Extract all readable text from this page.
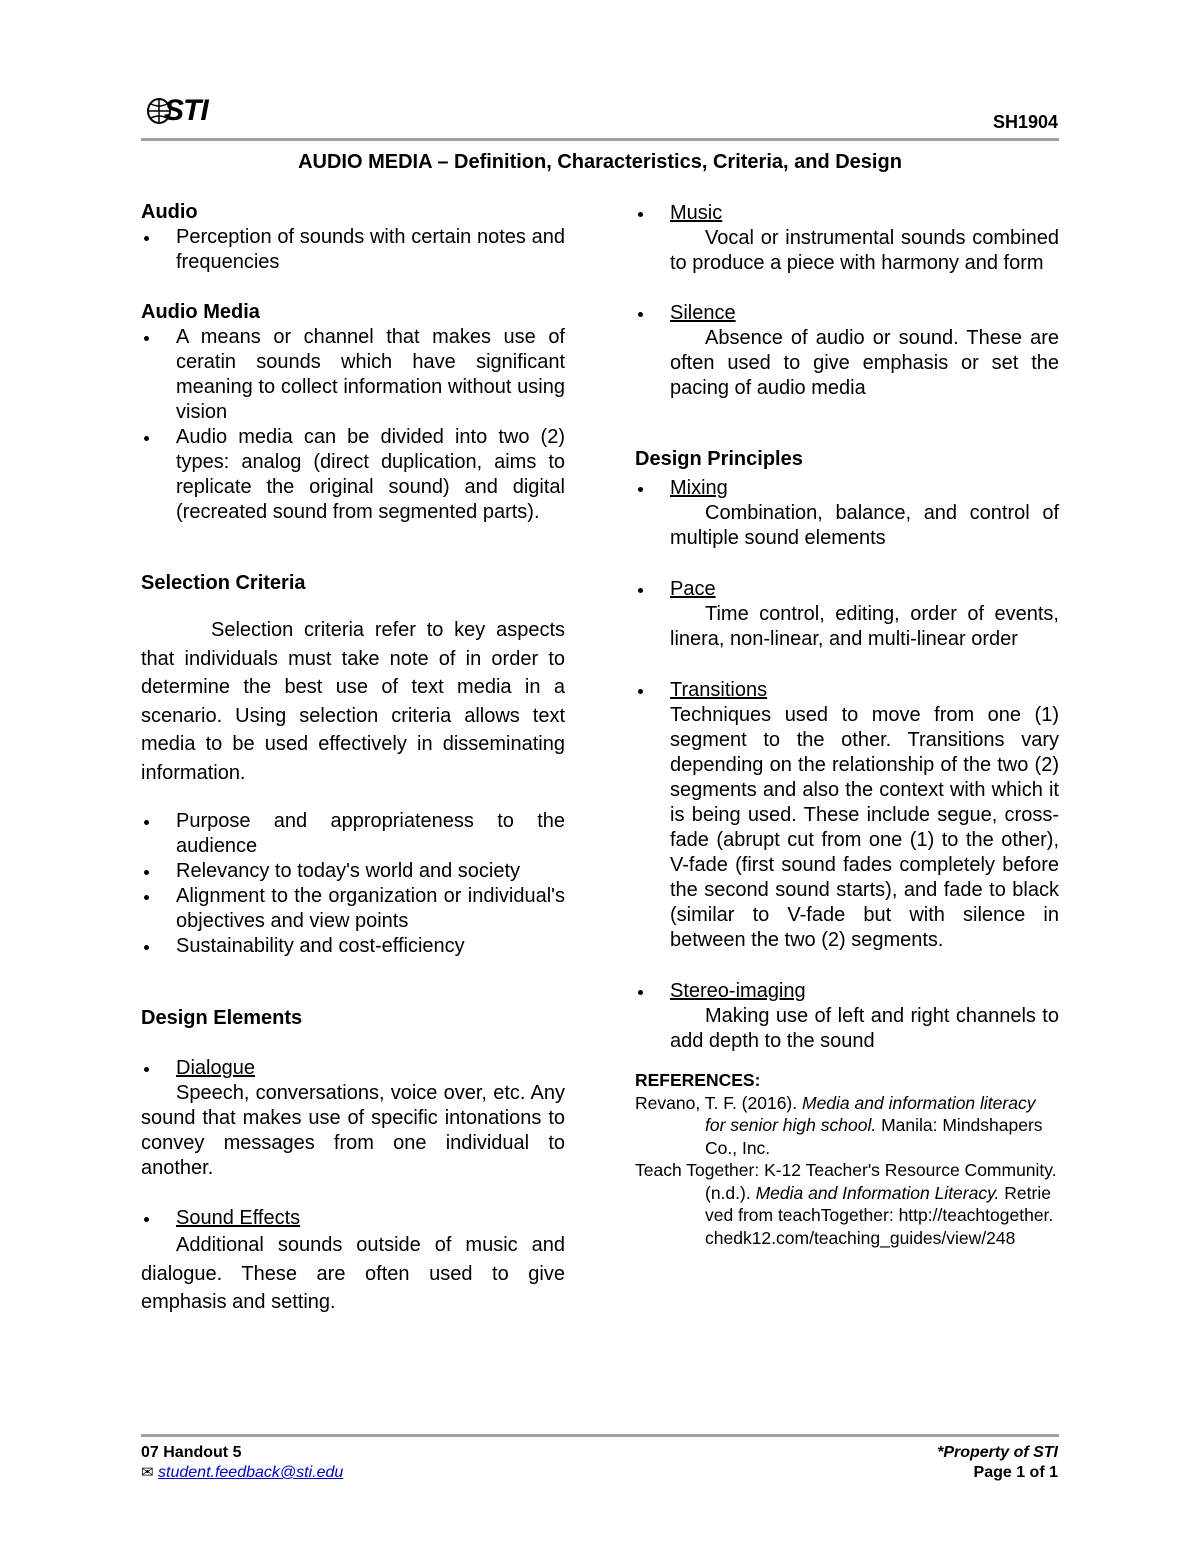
STI	SH1904
AUDIO MEDIA – Definition, Characteristics, Criteria, and Design

Audio

Perception of sounds with certain notes and frequencies

Audio Media

A means or channel that makes use of ceratin sounds which have significant meaning to collect information without using vision
Audio media can be divided into two (2) types: analog (direct duplication, aims to replicate the original sound) and digital (recreated sound from segmented parts).

Selection Criteria

Selection criteria refer to key aspects that individuals must take note of in order to determine the best use of text media in a scenario. Using selection criteria allows text media to be used effectively in disseminating information.

Purpose and appropriateness to the audience
Relevancy to today's world and society
Alignment to the organization or individual's objectives and view points
Sustainability and cost-efficiency

Design Elements

Dialogue
Speech, conversations, voice over, etc. Any sound that makes use of specific intonations to convey messages from one individual to another.
Sound Effects
Additional sounds outside of music and dialogue. These are often used to give emphasis and setting.
Music
Vocal or instrumental sounds combined to produce a piece with harmony and form
Silence
Absence of audio or sound. These are often used to give emphasis or set the pacing of audio media

Design Principles

Mixing
Combination, balance, and control of multiple sound elements
Pace
Time control, editing, order of events, linera, non-linear, and multi-linear order
Transitions
Techniques used to move from one (1) segment to the other. Transitions vary depending on the relationship of the two (2) segments and also the context with which it is being used. These include segue, cross-fade (abrupt cut from one (1) to the other), V-fade (first sound fades completely before the second sound starts), and fade to black (similar to V-fade but with silence in between the two (2) segments.
Stereo-imaging
Making use of left and right channels to add depth to the sound
REFERENCES:
Revano, T. F. (2016). Media and information literacy for senior high school. Manila: Mindshapers Co., Inc.
Teach Together: K-12 Teacher's Resource Community. (n.d.). Media and Information Literacy. Retrieved from teachTogether: http://teachtogether.chedk12.com/teaching_guides/view/248
07 Handout 5
✉ student.feedback@sti.edu
*Property of STI
Page 1 of 1
